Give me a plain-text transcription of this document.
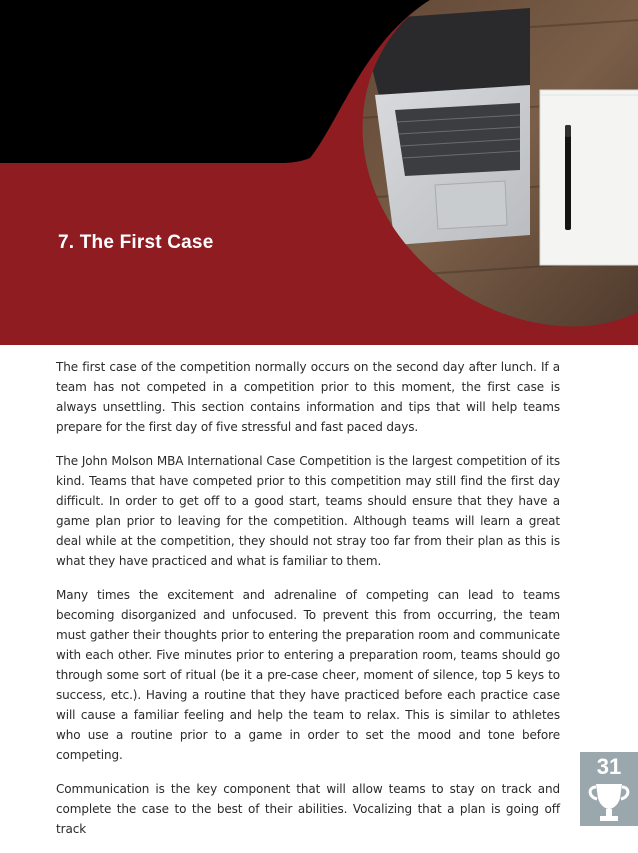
7. The First Case

The first case of the competition normally occurs on the second day after lunch. If a team has not competed in a competition prior to this moment, the first case is always unsettling. This section contains information and tips that will help teams prepare for the first day of five stressful and fast paced days.

The John Molson MBA International Case Competition is the largest competition of its kind. Teams that have competed prior to this competition may still find the first day difficult. In order to get off to a good start, teams should ensure that they have a game plan prior to leaving for the competition. Although teams will learn a great deal while at the competition, they should not stray too far from their plan as this is what they have practiced and what is familiar to them.

Many times the excitement and adrenaline of competing can lead to teams becoming disorganized and unfocused. To prevent this from occurring, the team must gather their thoughts prior to entering the preparation room and communicate with each other. Five minutes prior to entering a preparation room, teams should go through some sort of ritual (be it a pre-case cheer, moment of silence, top 5 keys to success, etc.). Having a routine that they have practiced before each practice case will cause a familiar feeling and help the team to relax. This is similar to athletes who use a routine prior to a game in order to set the mood and tone before competing.

Communication is the key component that will allow teams to stay on track and complete the case to the best of their abilities. Vocalizing that a plan is going off track

31
